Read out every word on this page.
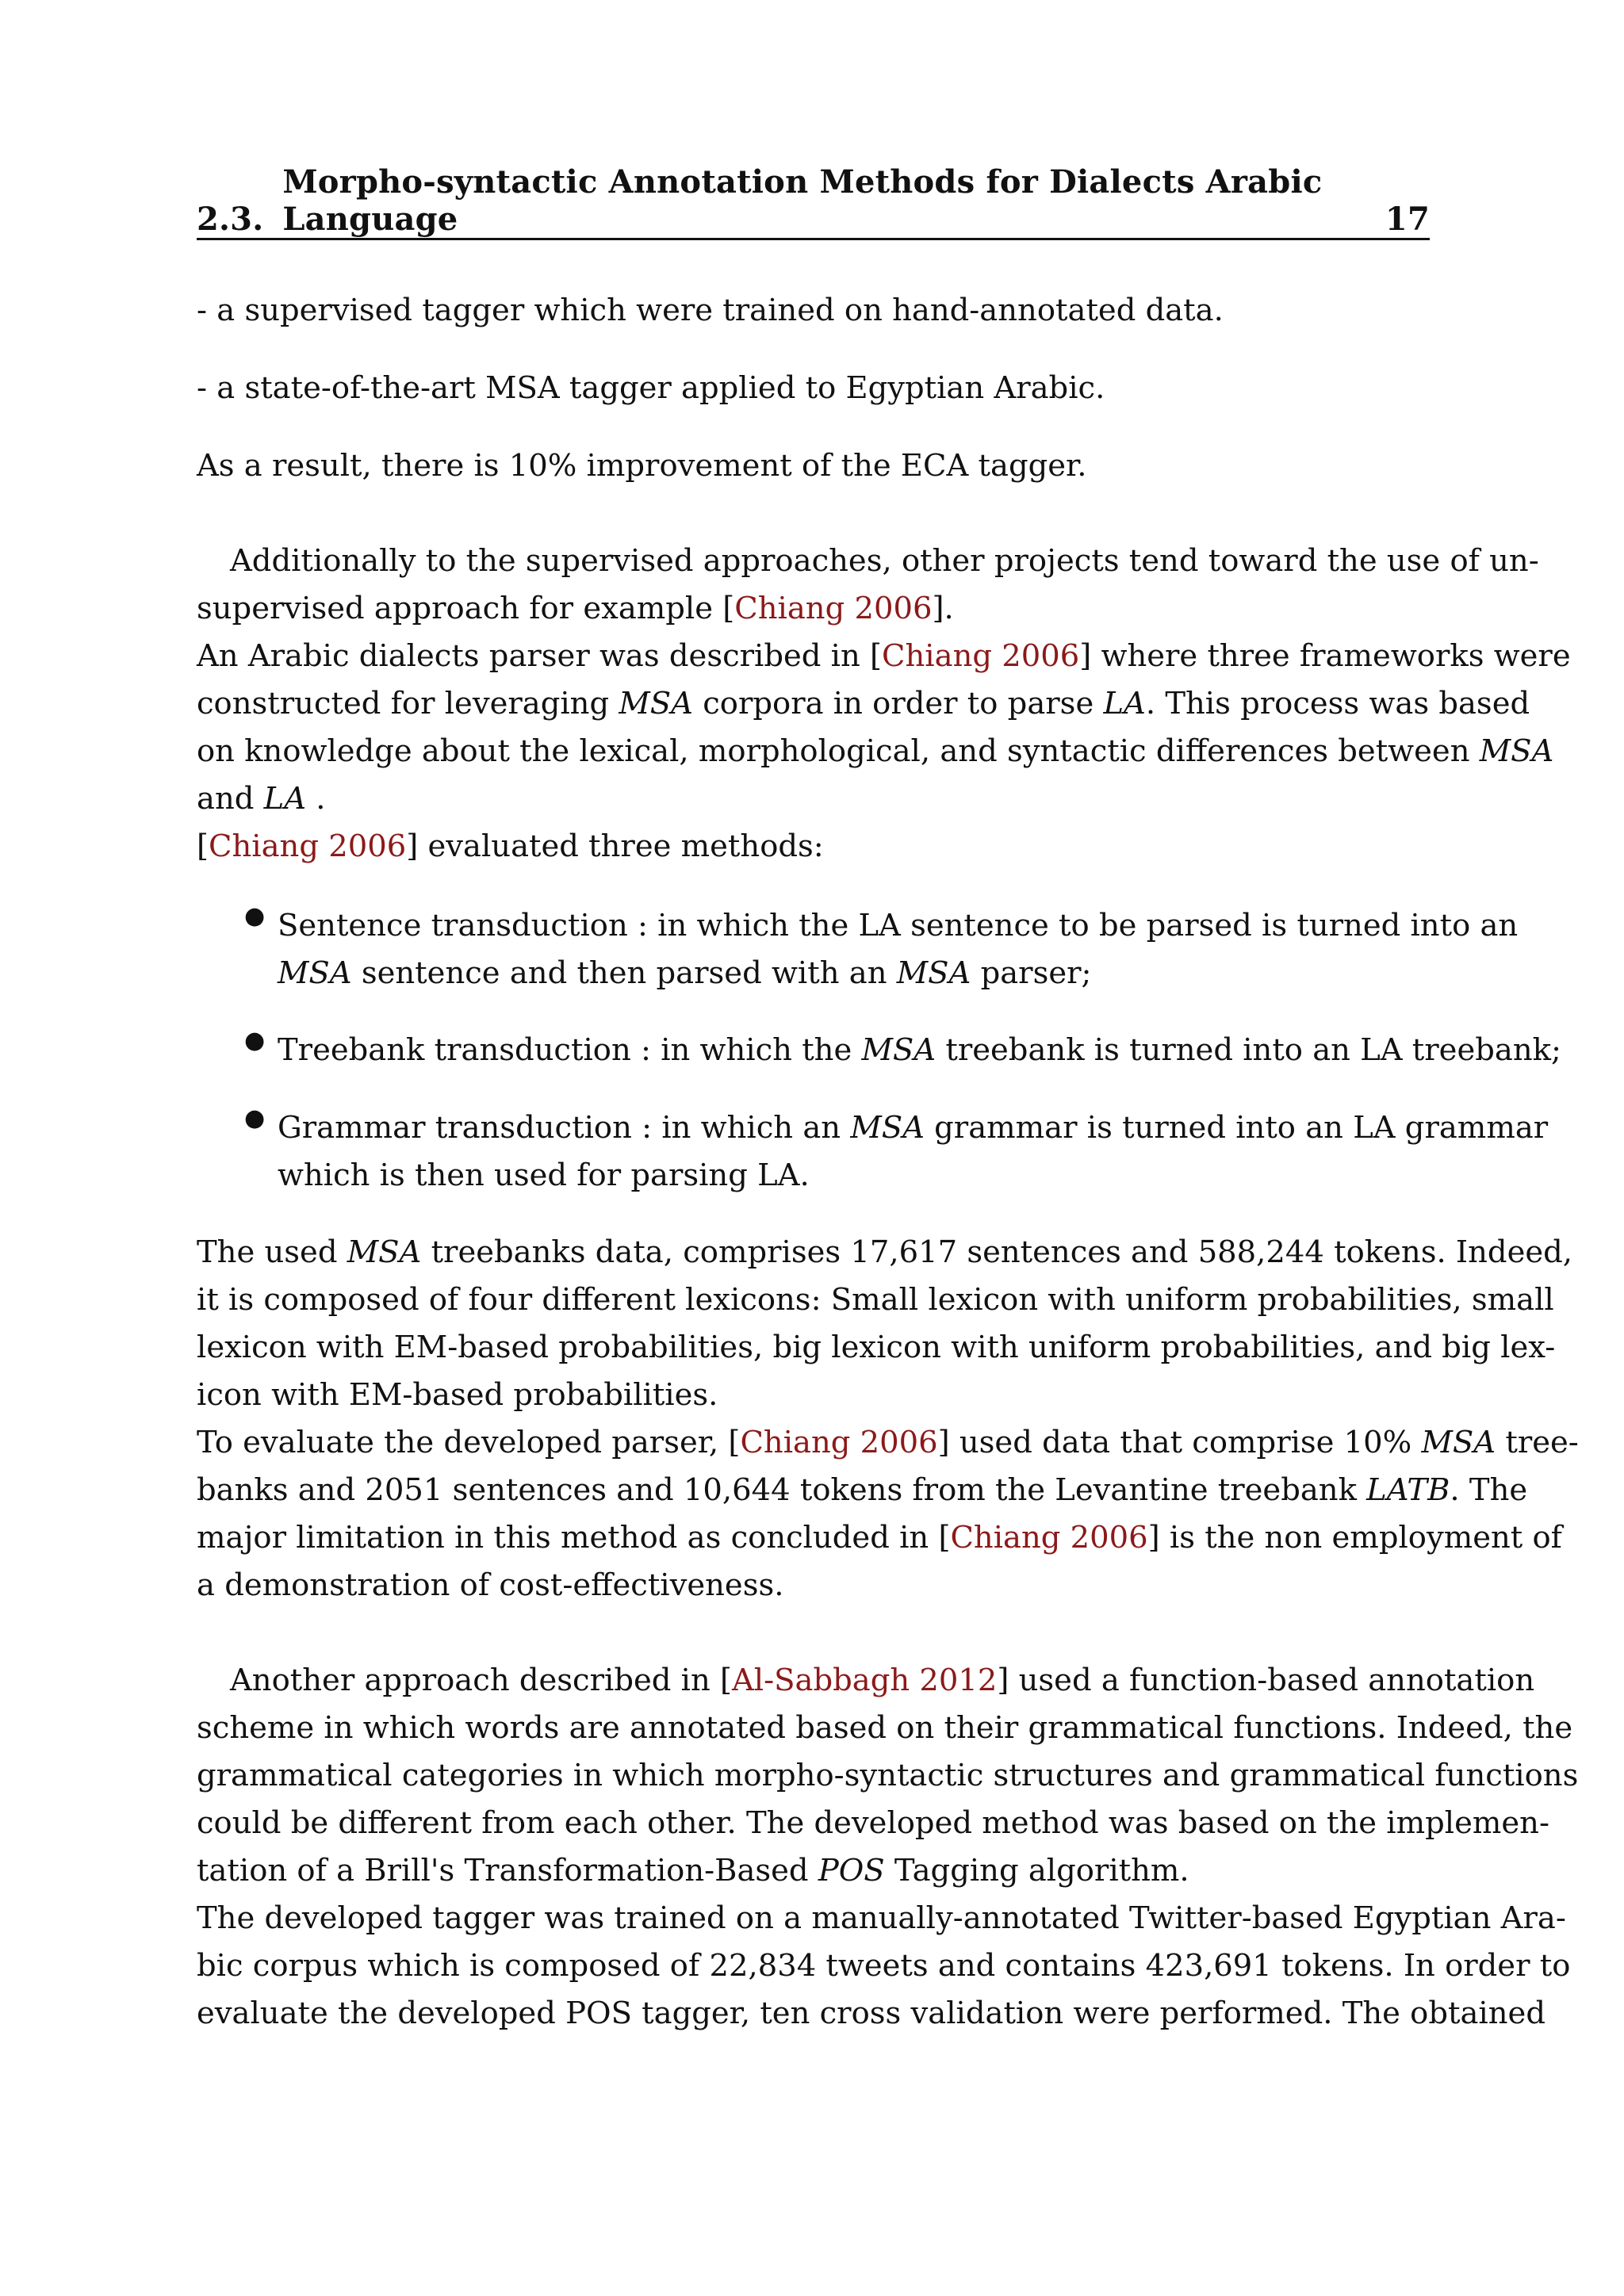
2.3.
Morpho-syntactic Annotation Methods for Dialects Arabic Language	17
- a supervised tagger which were trained on hand-annotated data.
- a state-of-the-art MSA tagger applied to Egyptian Arabic.
As a result, there is 10% improvement of the ECA tagger.
Additionally to the supervised approaches, other projects tend toward the use of un-
supervised approach for example [Chiang 2006].
An Arabic dialects parser was described in [Chiang 2006] where three frameworks were
constructed for leveraging MSA corpora in order to parse LA. This process was based
on knowledge about the lexical, morphological, and syntactic differences between MSA
and LA .
[Chiang 2006] evaluated three methods:
● Sentence transduction : in which the LA sentence to be parsed is turned into an
MSA sentence and then parsed with an MSA parser;
● Treebank transduction : in which the MSA treebank is turned into an LA treebank;
● Grammar transduction : in which an MSA grammar is turned into an LA grammar
which is then used for parsing LA.
The used MSA treebanks data, comprises 17,617 sentences and 588,244 tokens. Indeed,
it is composed of four different lexicons: Small lexicon with uniform probabilities, small
lexicon with EM-based probabilities, big lexicon with uniform probabilities, and big lex-
icon with EM-based probabilities.
To evaluate the developed parser, [Chiang 2006] used data that comprise 10% MSA tree-
banks and 2051 sentences and 10,644 tokens from the Levantine treebank LATB. The
major limitation in this method as concluded in [Chiang 2006] is the non employment of
a demonstration of cost-effectiveness.
Another approach described in [Al-Sabbagh 2012] used a function-based annotation
scheme in which words are annotated based on their grammatical functions. Indeed, the
grammatical categories in which morpho-syntactic structures and grammatical functions
could be different from each other. The developed method was based on the implemen-
tation of a Brill's Transformation-Based POS Tagging algorithm.
The developed tagger was trained on a manually-annotated Twitter-based Egyptian Ara-
bic corpus which is composed of 22,834 tweets and contains 423,691 tokens. In order to
evaluate the developed POS tagger, ten cross validation were performed. The obtained
